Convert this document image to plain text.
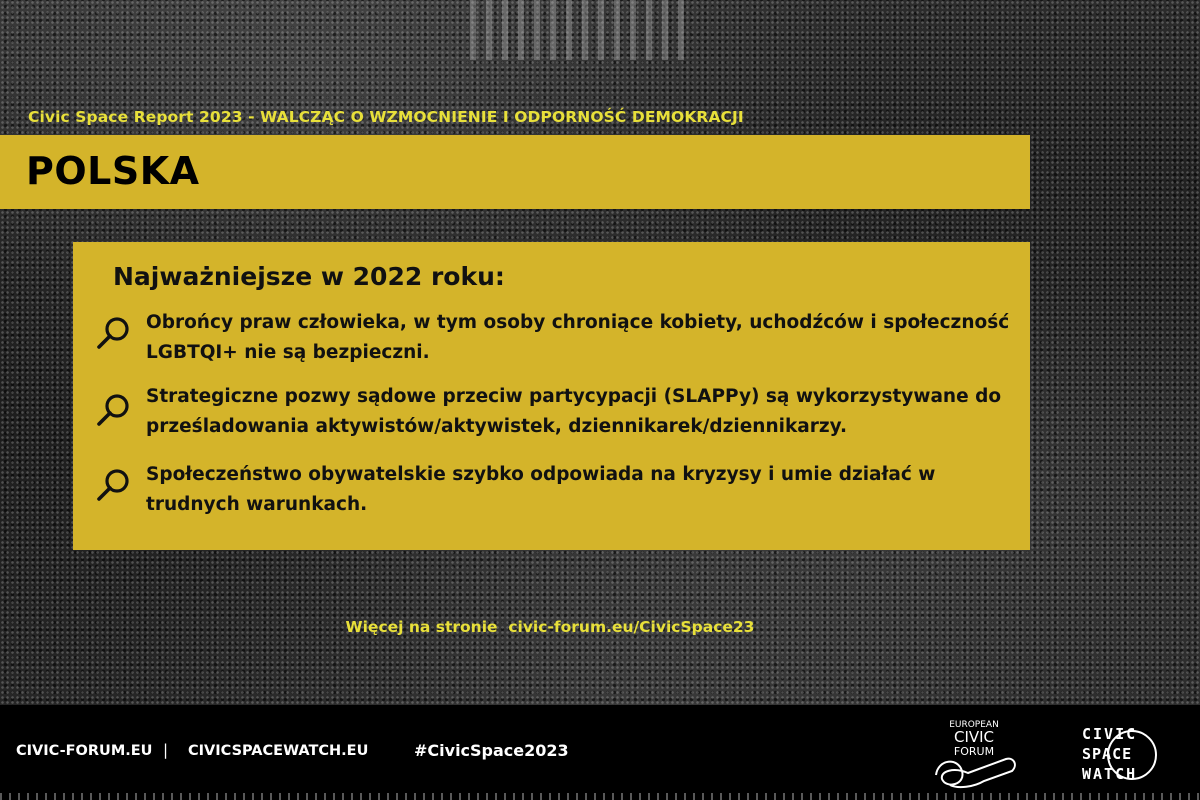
Civic Space Report 2023 - WALCZĄC O WZMOCNIENIE I ODPORNOŚĆ DEMOKRACJI
POLSKA
Najważniejsze w 2022 roku:
Obrońcy praw człowieka, w tym osoby chroniące kobiety, uchodźców i społeczność LGBTQI+ nie są bezpieczni.
Strategiczne pozwy sądowe przeciw partycypacji (SLAPPy) są wykorzystywane do prześladowania aktywistów/aktywistek, dziennikarek/dziennikarzy.
Społeczeństwo obywatelskie szybko odpowiada na kryzysy i umie działać w trudnych warunkach.
Więcej na stronie civic-forum.eu/CivicSpace23
CIVIC-FORUM.EU | CIVICSPACEWATCH.EU	#CivicSpace2023
EUROPEAN
CIVIC
FORUM
CIVIC
SPACE
WATCH
